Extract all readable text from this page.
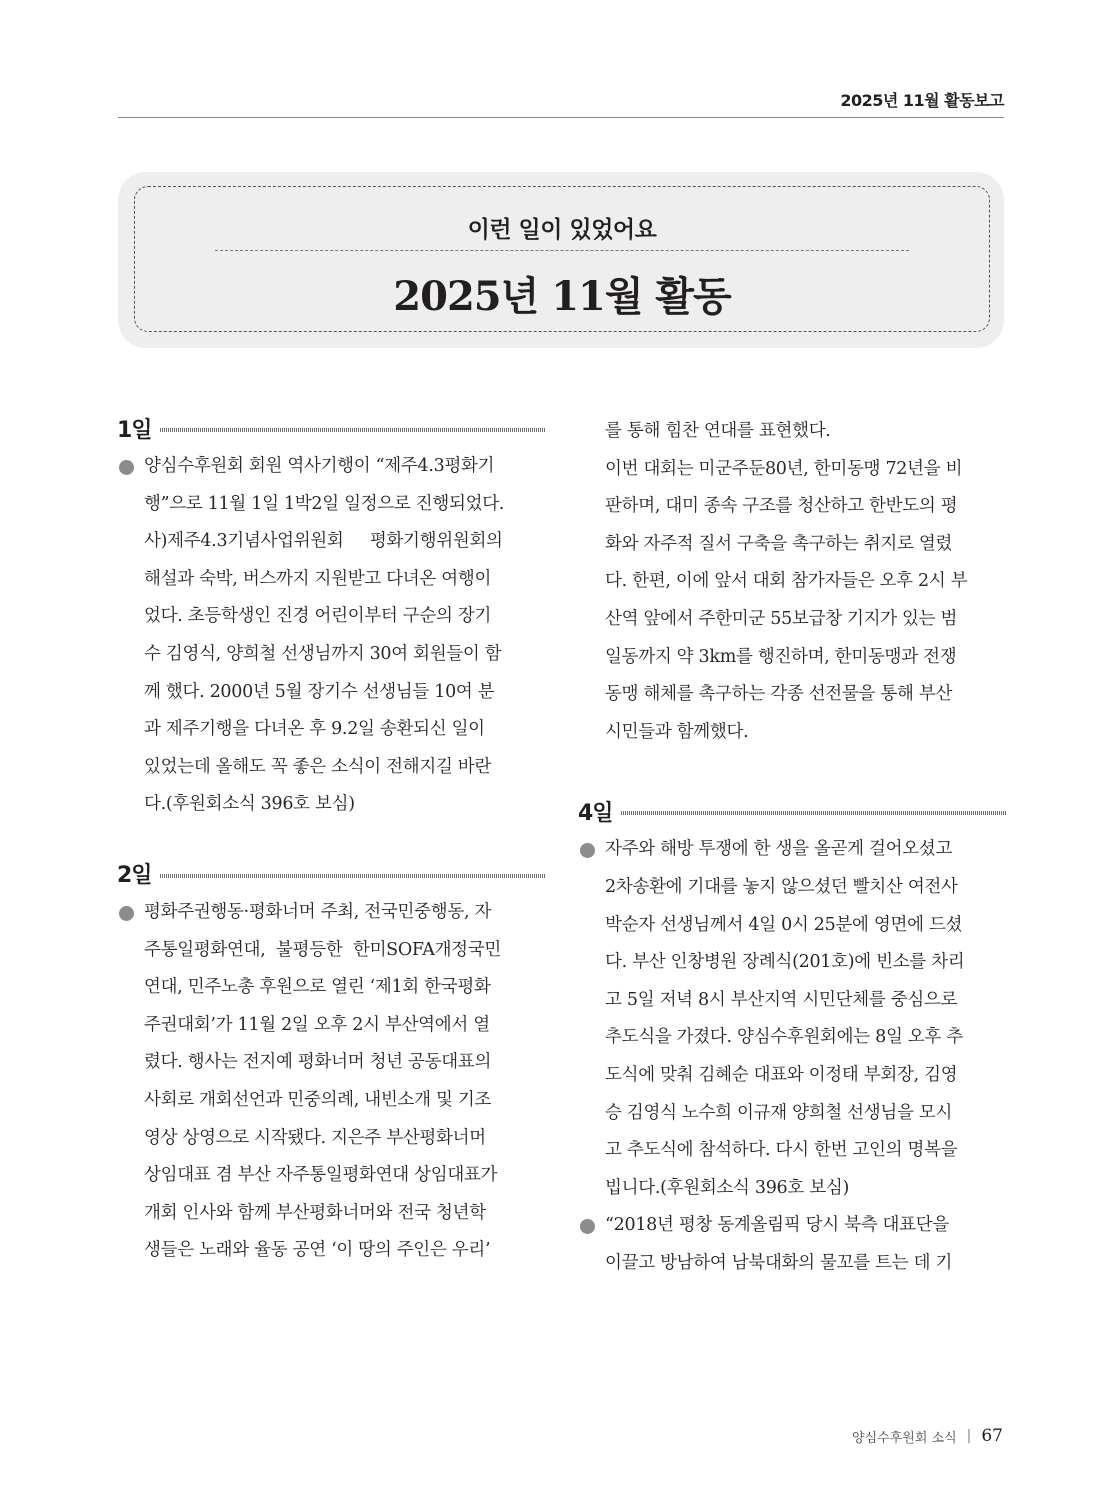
2025년 11월 활동보고
이런 일이 있었어요
2025년 11월 활동
1일
양심수후원회 회원 역사기행이 “제주4.3평화기
행”으로 11월 1일 1박2일 일정으로 진행되었다.
사)제주4.3기념사업위원회     평화기행위원회의
해설과 숙박, 버스까지 지원받고 다녀온 여행이
었다. 초등학생인 진경 어린이부터 구순의 장기
수 김영식, 양희철 선생님까지 30여 회원들이 함
께 했다. 2000년 5월 장기수 선생님들 10여 분
과 제주기행을 다녀온 후 9.2일 송환되신 일이
있었는데 올해도 꼭 좋은 소식이 전해지길 바란
다.(후원회소식 396호 보심)
2일
평화주권행동·평화너머 주최, 전국민중행동, 자
주통일평화연대,  불평등한  한미SOFA개정국민
연대, 민주노총 후원으로 열린 ‘제1회 한국평화
주권대회’가 11월 2일 오후 2시 부산역에서 열
렸다. 행사는 전지예 평화너머 청년 공동대표의
사회로 개회선언과 민중의례, 내빈소개 및 기조
영상 상영으로 시작됐다. 지은주 부산평화너머
상임대표 겸 부산 자주통일평화연대 상임대표가
개회 인사와 함께 부산평화너머와 전국 청년학
생들은 노래와 율동 공연 ‘이 땅의 주인은 우리’
를 통해 힘찬 연대를 표현했다.
이번 대회는 미군주둔80년, 한미동맹 72년을 비
판하며, 대미 종속 구조를 청산하고 한반도의 평
화와 자주적 질서 구축을 촉구하는 취지로 열렸
다. 한편, 이에 앞서 대회 참가자들은 오후 2시 부
산역 앞에서 주한미군 55보급창 기지가 있는 범
일동까지 약 3km를 행진하며, 한미동맹과 전쟁
동맹 해체를 촉구하는 각종 선전물을 통해 부산
시민들과 함께했다.
4일
자주와 해방 투쟁에 한 생을 올곧게 걸어오셨고
2차송환에 기대를 놓지 않으셨던 빨치산 여전사
박순자 선생님께서 4일 0시 25분에 영면에 드셨
다. 부산 인창병원 장례식(201호)에 빈소를 차리
고 5일 저녁 8시 부산지역 시민단체를 중심으로
추도식을 가졌다. 양심수후원회에는 8일 오후 추
도식에 맞춰 김혜순 대표와 이정태 부회장, 김영
승 김영식 노수희 이규재 양희철 선생님을 모시
고 추도식에 참석하다. 다시 한번 고인의 명복을
빕니다.(후원회소식 396호 보심)
“2018년 평창 동계올림픽 당시 북측 대표단을
이끌고 방남하여 남북대화의 물꼬를 트는 데 기
양심수후원회 소식 | 67
